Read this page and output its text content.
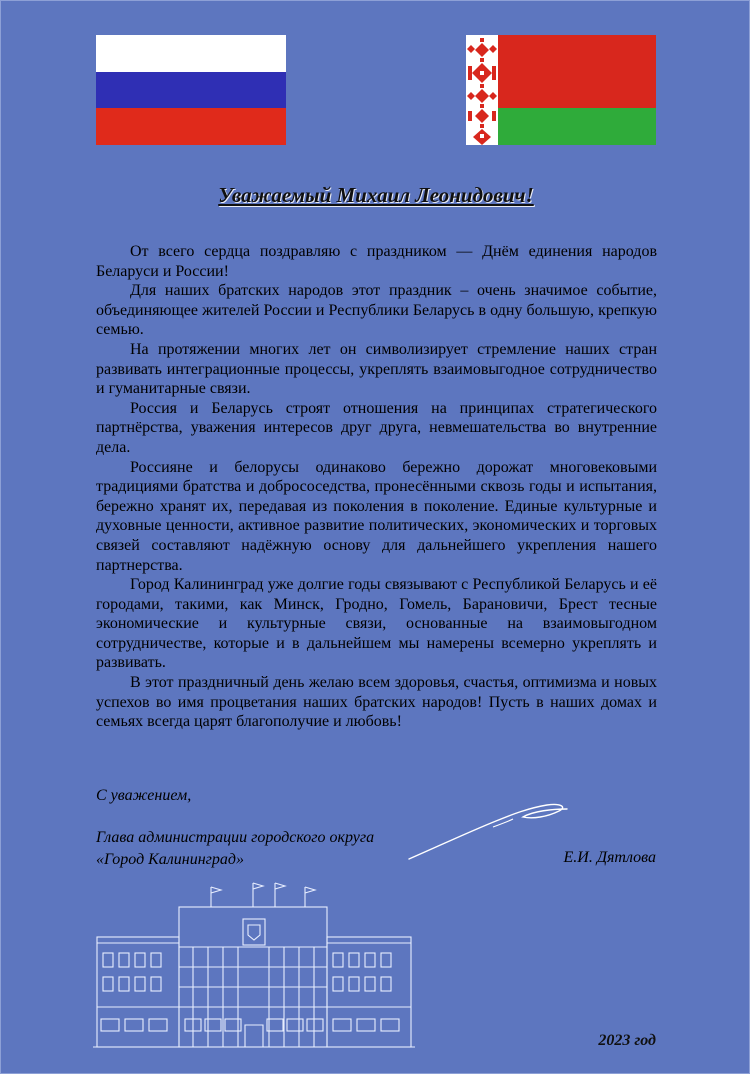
Уважаемый Михаил Леонидович!

От всего сердца поздравляю с праздником — Днём единения народов Беларуси и России!

Для наших братских народов этот праздник – очень значимое событие, объединяющее жителей России и Республики Беларусь в одну большую, крепкую семью.

На протяжении многих лет он символизирует стремление наших стран развивать интеграционные процессы, укреплять взаимовыгодное сотрудничество и гуманитарные связи.

Россия и Беларусь строят отношения на принципах стратегического партнёрства, уважения интересов друг друга, невмешательства во внутренние дела.

Россияне и белорусы одинаково бережно дорожат многовековыми традициями братства и добрососедства, пронесёнными сквозь годы и испытания, бережно хранят их, передавая из поколения в поколение. Единые культурные и духовные ценности, активное развитие политических, экономических и торговых связей составляют надёжную основу для дальнейшего укрепления нашего партнерства.

Город Калининград уже долгие годы связывают с Республикой Беларусь и её городами, такими, как Минск, Гродно, Гомель, Барановичи, Брест тесные экономические и культурные связи, основанные на взаимовыгодном сотрудничестве, которые и в дальнейшем мы намерены всемерно укреплять и развивать.

В этот праздничный день желаю всем здоровья, счастья, оптимизма и новых успехов во имя процветания наших братских народов! Пусть в наших домах и семьях всегда царят благополучие и любовь!

С уважением,
Глава администрации городского округа
«Город Калининград»	Е.И. Дятлова
2023 год
